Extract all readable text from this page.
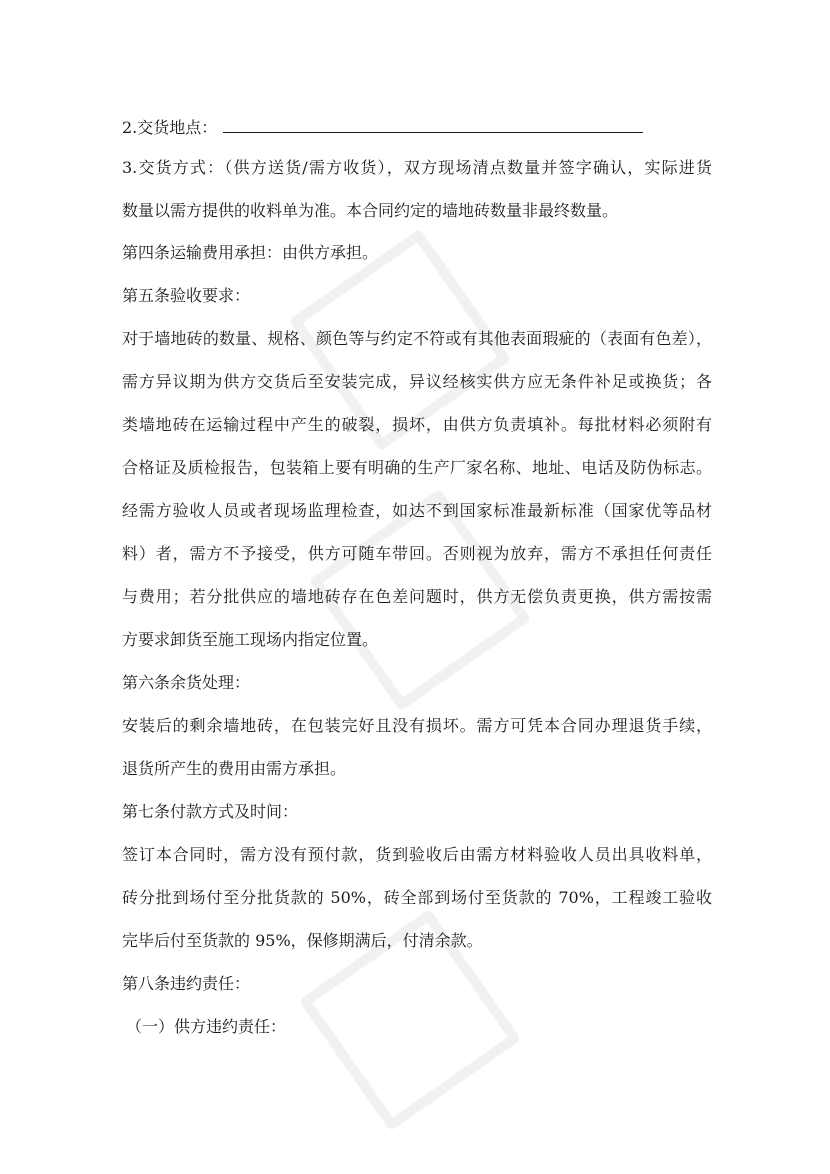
2.交货地点：
3.交货方式：（供方送货/需方收货），双方现场清点数量并签字确认，实际进货
数量以需方提供的收料单为准。本合同约定的墙地砖数量非最终数量。
第四条运输费用承担：由供方承担。
第五条验收要求：
对于墙地砖的数量、规格、颜色等与约定不符或有其他表面瑕疵的（表面有色差），
需方异议期为供方交货后至安装完成，异议经核实供方应无条件补足或换货；各
类墙地砖在运输过程中产生的破裂，损坏，由供方负责填补。每批材料必须附有
合格证及质检报告，包装箱上要有明确的生产厂家名称、地址、电话及防伪标志。
经需方验收人员或者现场监理检查，如达不到国家标准最新标准（国家优等品材
料）者，需方不予接受，供方可随车带回。否则视为放弃，需方不承担任何责任
与费用；若分批供应的墙地砖存在色差问题时，供方无偿负责更换，供方需按需
方要求卸货至施工现场内指定位置。
第六条余货处理：
安装后的剩余墙地砖，在包装完好且没有损坏。需方可凭本合同办理退货手续，
退货所产生的费用由需方承担。
第七条付款方式及时间：
签订本合同时，需方没有预付款，货到验收后由需方材料验收人员出具收料单，
砖分批到场付至分批货款的 50%，砖全部到场付至货款的 70%，工程竣工验收
完毕后付至货款的 95%，保修期满后，付清余款。
第八条违约责任：
（一）供方违约责任：
